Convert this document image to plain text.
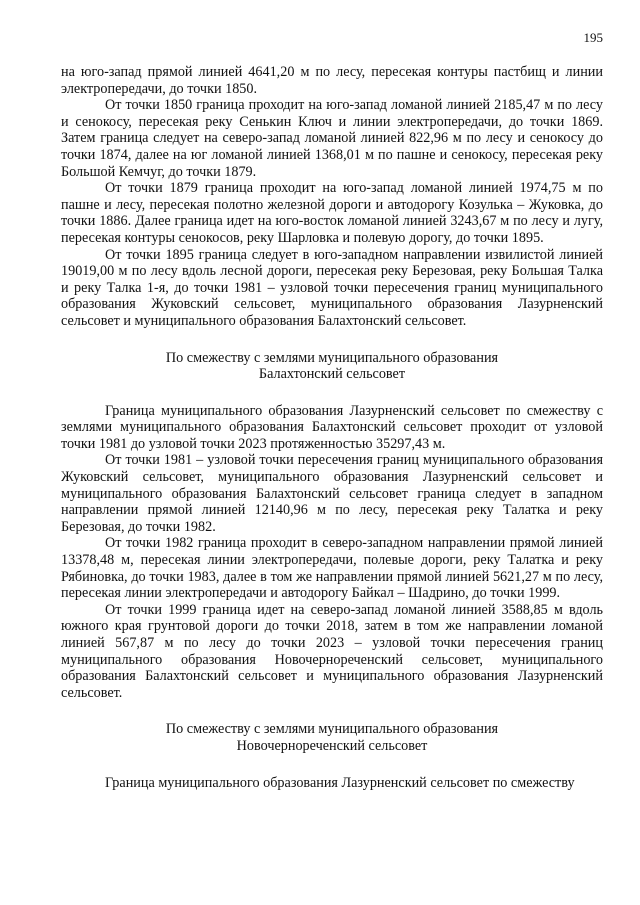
195

на юго-запад прямой линией 4641,20 м по лесу, пересекая контуры пастбищ и линии электропередачи, до точки 1850.

От точки 1850 граница проходит на юго-запад ломаной линией 2185,47 м по лесу и сенокосу, пересекая реку Сенькин Ключ и линии электропередачи, до точки 1869. Затем граница следует на северо-запад ломаной линией 822,96 м по лесу и сенокосу до точки 1874, далее на юг ломаной линией 1368,01 м по пашне и сенокосу, пересекая реку Большой Кемчуг, до точки 1879.

От точки 1879 граница проходит на юго-запад ломаной линией 1974,75 м по пашне и лесу, пересекая полотно железной дороги и автодорогу Козулька – Жуковка, до точки 1886. Далее граница идет на юго-восток ломаной линией 3243,67 м по лесу и лугу, пересекая контуры сенокосов, реку Шарловка и полевую дорогу, до точки 1895.

От точки 1895 граница следует в юго-западном направлении извилистой линией 19019,00 м по лесу вдоль лесной дороги, пересекая реку Березовая, реку Большая Талка и реку Талка 1-я, до точки 1981 – узловой точки пересечения границ муниципального образования Жуковский сельсовет, муниципального образования Лазурненский сельсовет и муниципального образования Балахтонский сельсовет.

По смежеству с землями муниципального образования
Балахтонский сельсовет

Граница муниципального образования Лазурненский сельсовет по смежеству с землями муниципального образования Балахтонский сельсовет проходит от узловой точки 1981 до узловой точки 2023 протяженностью 35297,43 м.

От точки 1981 – узловой точки пересечения границ муниципального образования Жуковский сельсовет, муниципального образования Лазурненский сельсовет и муниципального образования Балахтонский сельсовет граница следует в западном направлении прямой линией 12140,96 м по лесу, пересекая реку Талатка и реку Березовая, до точки 1982.

От точки 1982 граница проходит в северо-западном направлении прямой линией 13378,48 м, пересекая линии электропередачи, полевые дороги, реку Талатка и реку Рябиновка, до точки 1983, далее в том же направлении прямой линией 5621,27 м по лесу, пересекая линии электропередачи и автодорогу Байкал – Шадрино, до точки 1999.

От точки 1999 граница идет на северо-запад ломаной линией 3588,85 м вдоль южного края грунтовой дороги до точки 2018, затем в том же направлении ломаной линией 567,87 м по лесу до точки 2023 – узловой точки пересечения границ муниципального образования Новочернореченский сельсовет, муниципального образования Балахтонский сельсовет и муниципального образования Лазурненский сельсовет.

По смежеству с землями муниципального образования
Новочернореченский сельсовет

Граница муниципального образования Лазурненский сельсовет по смежеству
